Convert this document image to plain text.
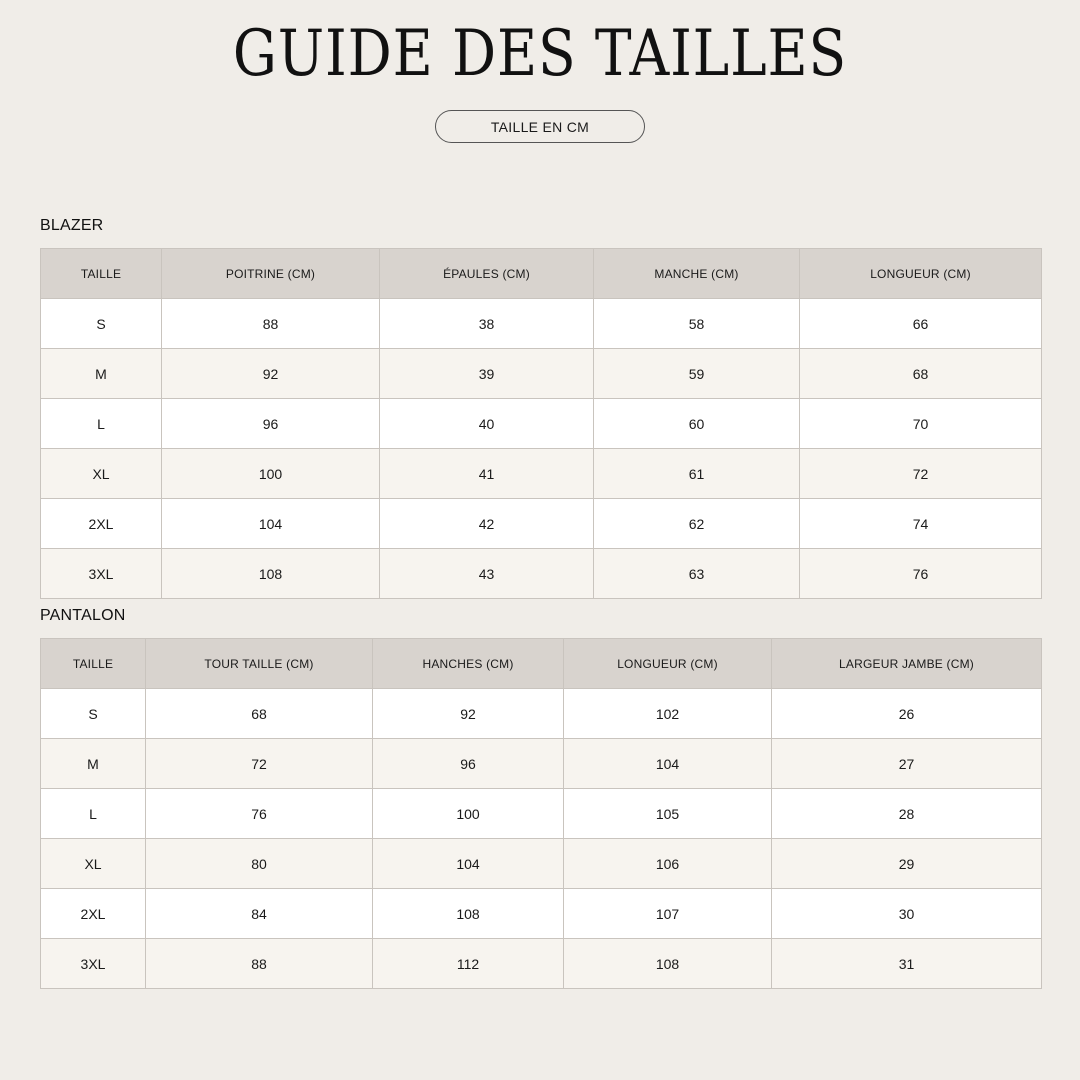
GUIDE DES TAILLES
TAILLE EN CM
BLAZER
TAILLE	POITRINE (CM)	ÉPAULES (CM)	MANCHE (CM)	LONGUEUR (CM)
S	88	38	58	66
M	92	39	59	68
L	96	40	60	70
XL	100	41	61	72
2XL	104	42	62	74
3XL	108	43	63	76
PANTALON
TAILLE	TOUR TAILLE (CM)	HANCHES (CM)	LONGUEUR (CM)	LARGEUR JAMBE (CM)
S	68	92	102	26
M	72	96	104	27
L	76	100	105	28
XL	80	104	106	29
2XL	84	108	107	30
3XL	88	112	108	31
